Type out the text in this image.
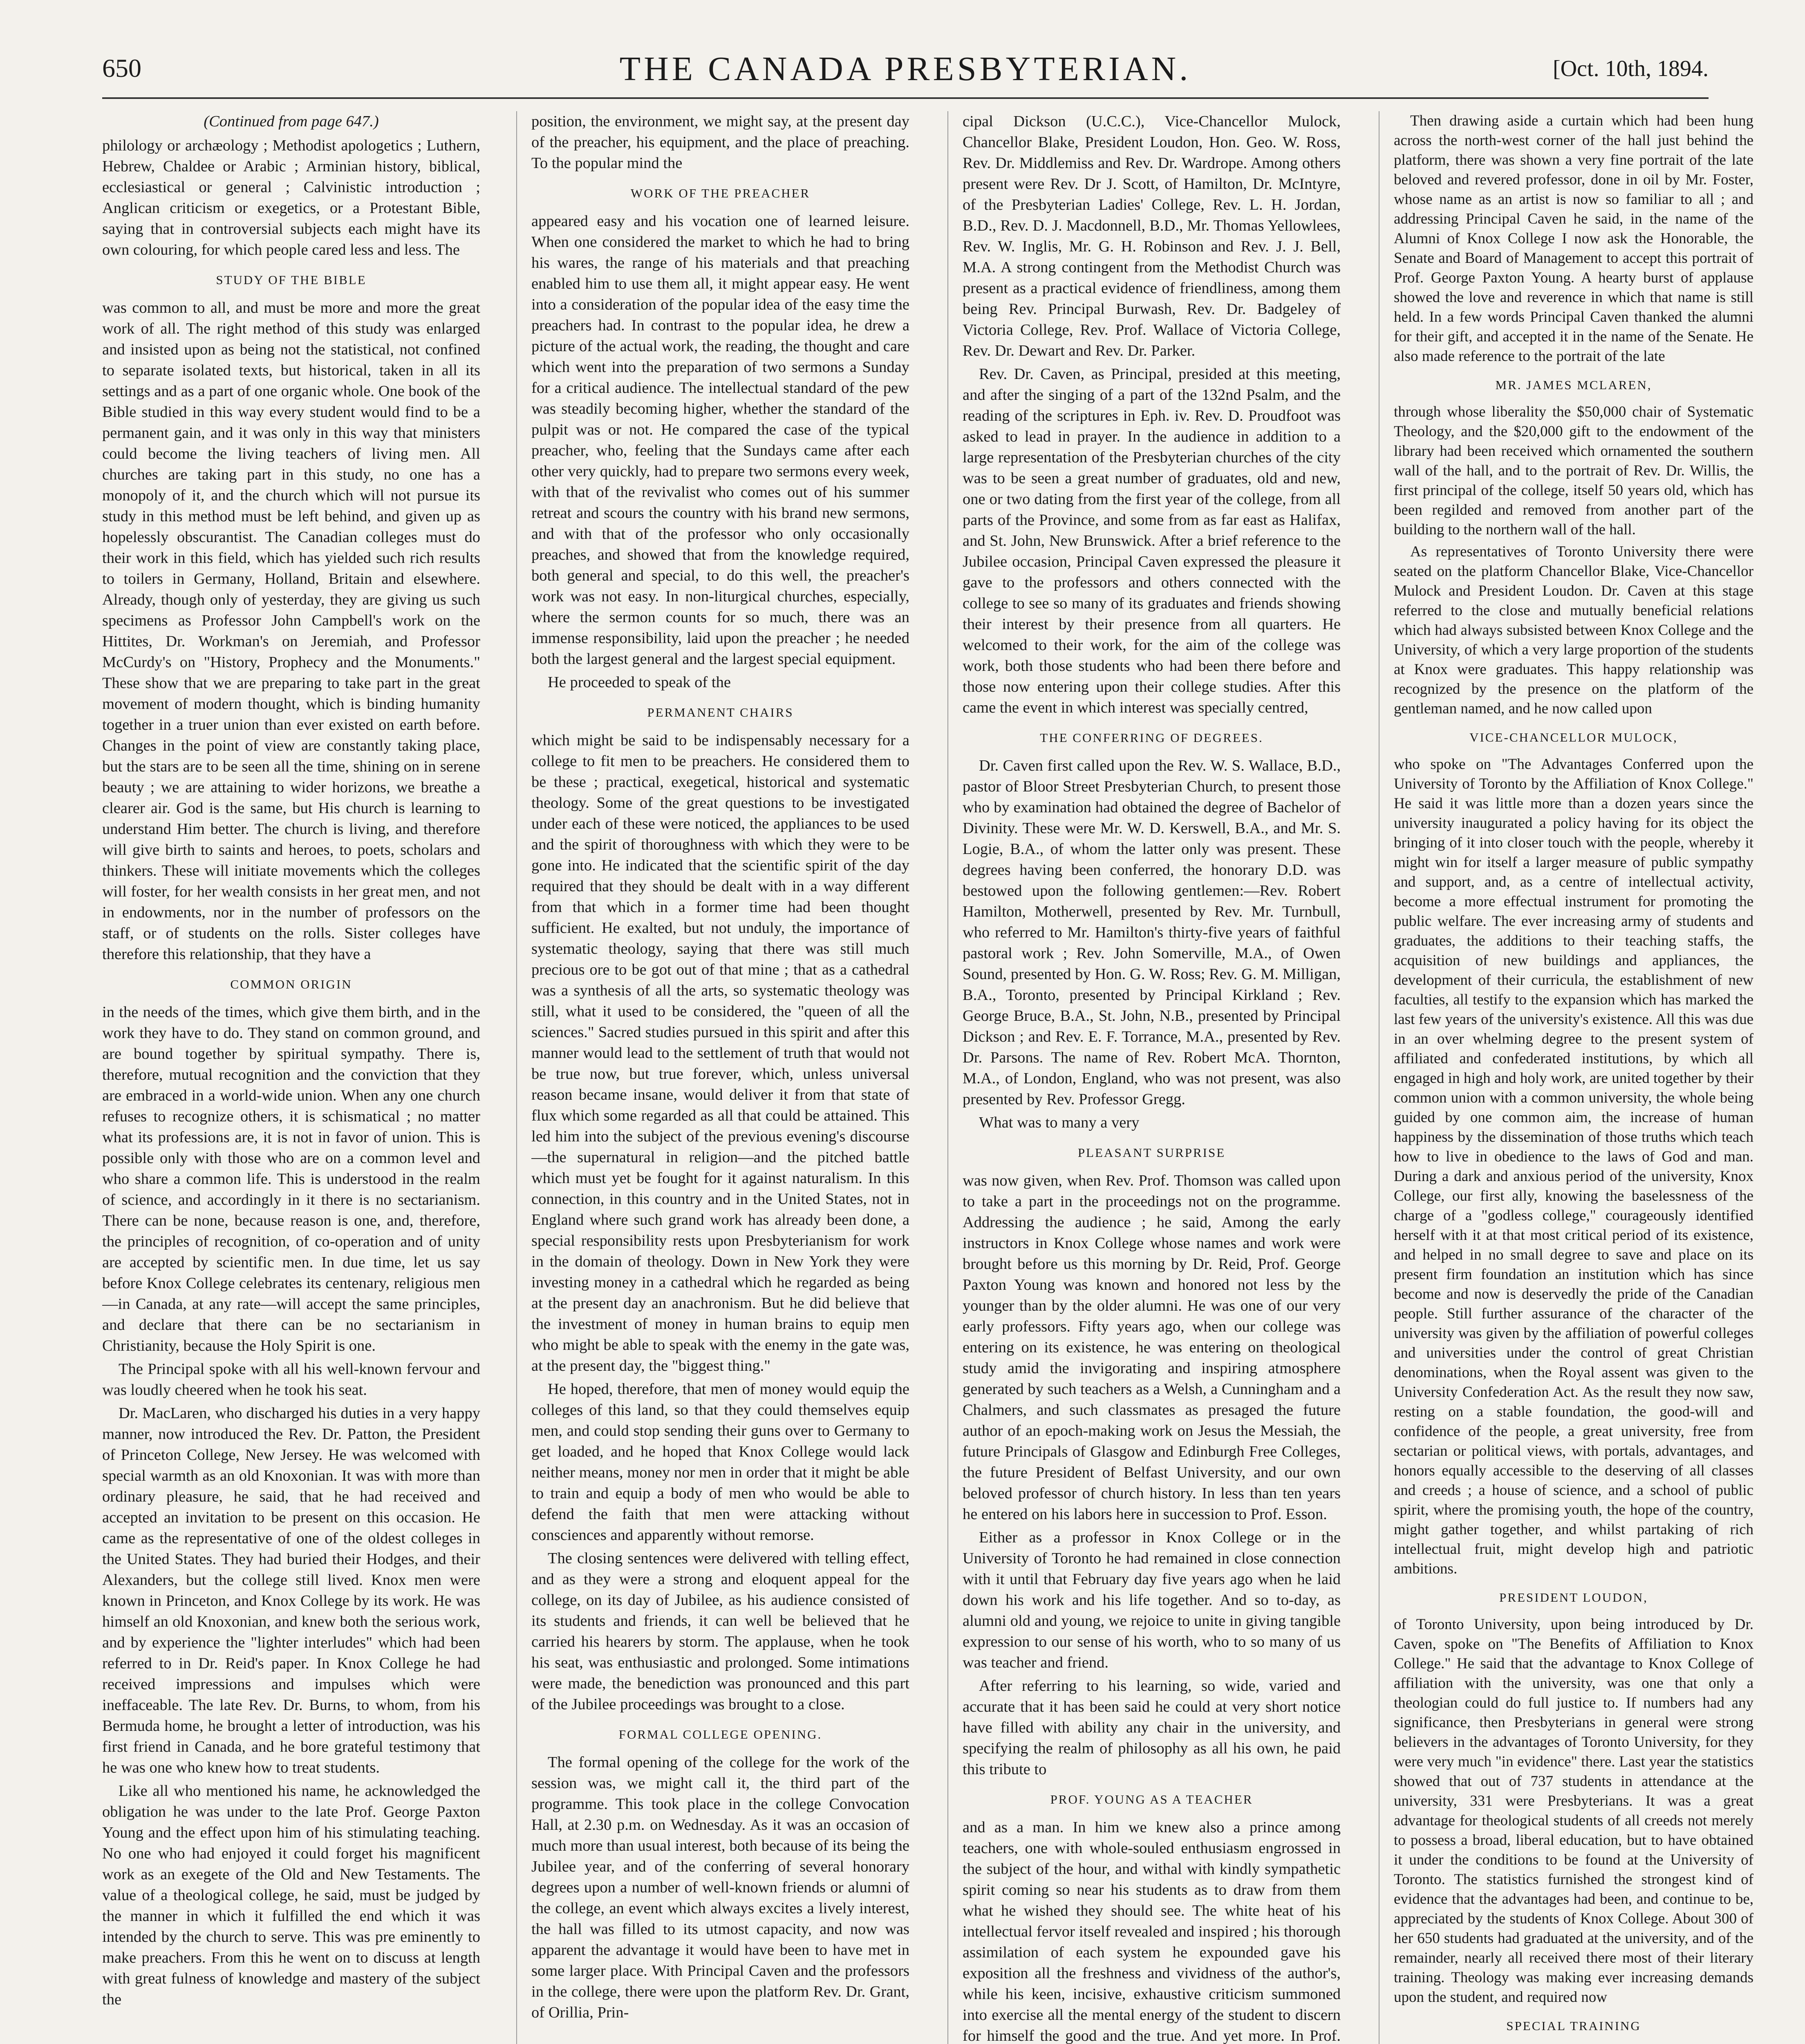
650	THE CANADA PRESBYTERIAN.	[Oct. 10th, 1894.
(Continued from page 647.)

philology or archæology ; Methodist apologetics ; Luthern, Hebrew, Chaldee or Arabic ; Arminian history, biblical, ecclesiastical or general ; Calvinistic introduction ; Anglican criticism or exegetics, or a Protestant Bible, saying that in controversial subjects each might have its own colouring, for which people cared less and less. The

STUDY OF THE BIBLE

was common to all, and must be more and more the great work of all. The right method of this study was enlarged and insisted upon as being not the statistical, not confined to separate isolated texts, but historical, taken in all its settings and as a part of one organic whole. One book of the Bible studied in this way every student would find to be a permanent gain, and it was only in this way that ministers could become the living teachers of living men. All churches are taking part in this study, no one has a monopoly of it, and the church which will not pursue its study in this method must be left behind, and given up as hopelessly obscurantist. The Canadian colleges must do their work in this field, which has yielded such rich results to toilers in Germany, Holland, Britain and elsewhere. Already, though only of yesterday, they are giving us such specimens as Professor John Campbell's work on the Hittites, Dr. Workman's on Jeremiah, and Professor McCurdy's on "History, Prophecy and the Monuments." These show that we are preparing to take part in the great movement of modern thought, which is binding humanity together in a truer union than ever existed on earth before. Changes in the point of view are constantly taking place, but the stars are to be seen all the time, shining on in serene beauty ; we are attaining to wider horizons, we breathe a clearer air. God is the same, but His church is learning to understand Him better. The church is living, and therefore will give birth to saints and heroes, to poets, scholars and thinkers. These will initiate movements which the colleges will foster, for her wealth consists in her great men, and not in endowments, nor in the number of professors on the staff, or of students on the rolls. Sister colleges have therefore this relationship, that they have a

COMMON ORIGIN

in the needs of the times, which give them birth, and in the work they have to do. They stand on common ground, and are bound together by spiritual sympathy. There is, therefore, mutual recognition and the conviction that they are embraced in a world-wide union. When any one church refuses to recognize others, it is schismatical ; no matter what its professions are, it is not in favor of union. This is possible only with those who are on a common level and who share a common life. This is understood in the realm of science, and accordingly in it there is no sectarianism. There can be none, because reason is one, and, therefore, the principles of recognition, of co-operation and of unity are accepted by scientific men. In due time, let us say before Knox College celebrates its centenary, religious men—in Canada, at any rate—will accept the same principles, and declare that there can be no sectarianism in Christianity, because the Holy Spirit is one.

The Principal spoke with all his well-known fervour and was loudly cheered when he took his seat.

Dr. MacLaren, who discharged his duties in a very happy manner, now introduced the Rev. Dr. Patton, the President of Princeton College, New Jersey. He was welcomed with special warmth as an old Knoxonian. It was with more than ordinary pleasure, he said, that he had received and accepted an invitation to be present on this occasion. He came as the representative of one of the oldest colleges in the United States. They had buried their Hodges, and their Alexanders, but the college still lived. Knox men were known in Princeton, and Knox College by its work. He was himself an old Knoxonian, and knew both the serious work, and by experience the "lighter interludes" which had been referred to in Dr. Reid's paper. In Knox College he had received impressions and impulses which were ineffaceable. The late Rev. Dr. Burns, to whom, from his Bermuda home, he brought a letter of introduction, was his first friend in Canada, and he bore grateful testimony that he was one who knew how to treat students.

Like all who mentioned his name, he acknowledged the obligation he was under to the late Prof. George Paxton Young and the effect upon him of his stimulating teaching. No one who had enjoyed it could forget his magnificent work as an exegete of the Old and New Testaments. The value of a theological college, he said, must be judged by the manner in which it fulfilled the end which it was intended by the church to serve. This was pre eminently to make preachers. From this he went on to discuss at length with great fulness of knowledge and mastery of the subject the

position, the environment, we might say, at the present day of the preacher, his equipment, and the place of preaching. To the popular mind the

WORK OF THE PREACHER

appeared easy and his vocation one of learned leisure. When one considered the market to which he had to bring his wares, the range of his materials and that preaching enabled him to use them all, it might appear easy. He went into a consideration of the popular idea of the easy time the preachers had. In contrast to the popular idea, he drew a picture of the actual work, the reading, the thought and care which went into the preparation of two sermons a Sunday for a critical audience. The intellectual standard of the pew was steadily becoming higher, whether the standard of the pulpit was or not. He compared the case of the typical preacher, who, feeling that the Sundays came after each other very quickly, had to prepare two sermons every week, with that of the revivalist who comes out of his summer retreat and scours the country with his brand new sermons, and with that of the professor who only occasionally preaches, and showed that from the knowledge required, both general and special, to do this well, the preacher's work was not easy. In non-liturgical churches, especially, where the sermon counts for so much, there was an immense responsibility, laid upon the preacher ; he needed both the largest general and the largest special equipment.

He proceeded to speak of the

PERMANENT CHAIRS

which might be said to be indispensably necessary for a college to fit men to be preachers. He considered them to be these ; practical, exegetical, historical and systematic theology. Some of the great questions to be investigated under each of these were noticed, the appliances to be used and the spirit of thoroughness with which they were to be gone into. He indicated that the scientific spirit of the day required that they should be dealt with in a way different from that which in a former time had been thought sufficient. He exalted, but not unduly, the importance of systematic theology, saying that there was still much precious ore to be got out of that mine ; that as a cathedral was a synthesis of all the arts, so systematic theology was still, what it used to be considered, the "queen of all the sciences." Sacred studies pursued in this spirit and after this manner would lead to the settlement of truth that would not be true now, but true forever, which, unless universal reason became insane, would deliver it from that state of flux which some regarded as all that could be attained. This led him into the subject of the previous evening's discourse—the supernatural in religion—and the pitched battle which must yet be fought for it against naturalism. In this connection, in this country and in the United States, not in England where such grand work has already been done, a special responsibility rests upon Presbyterianism for work in the domain of theology. Down in New York they were investing money in a cathedral which he regarded as being at the present day an anachronism. But he did believe that the investment of money in human brains to equip men who might be able to speak with the enemy in the gate was, at the present day, the "biggest thing."

He hoped, therefore, that men of money would equip the colleges of this land, so that they could themselves equip men, and could stop sending their guns over to Germany to get loaded, and he hoped that Knox College would lack neither means, money nor men in order that it might be able to train and equip a body of men who would be able to defend the faith that men were attacking without consciences and apparently without remorse.

The closing sentences were delivered with telling effect, and as they were a strong and eloquent appeal for the college, on its day of Jubilee, as his audience consisted of its students and friends, it can well be believed that he carried his hearers by storm. The applause, when he took his seat, was enthusiastic and prolonged. Some intimations were made, the benediction was pronounced and this part of the Jubilee proceedings was brought to a close.

FORMAL COLLEGE OPENING.

The formal opening of the college for the work of the session was, we might call it, the third part of the programme. This took place in the college Convocation Hall, at 2.30 p.m. on Wednesday. As it was an occasion of much more than usual interest, both because of its being the Jubilee year, and of the conferring of several honorary degrees upon a number of well-known friends or alumni of the college, an event which always excites a lively interest, the hall was filled to its utmost capacity, and now was apparent the advantage it would have been to have met in some larger place. With Principal Caven and the professors in the college, there were upon the platform Rev. Dr. Grant, of Orillia, Prin-

cipal Dickson (U.C.C.), Vice-Chancellor Mulock, Chancellor Blake, President Loudon, Hon. Geo. W. Ross, Rev. Dr. Middlemiss and Rev. Dr. Wardrope. Among others present were Rev. Dr J. Scott, of Hamilton, Dr. McIntyre, of the Presbyterian Ladies' College, Rev. L. H. Jordan, B.D., Rev. D. J. Macdonnell, B.D., Mr. Thomas Yellowlees, Rev. W. Inglis, Mr. G. H. Robinson and Rev. J. J. Bell, M.A. A strong contingent from the Methodist Church was present as a practical evidence of friendliness, among them being Rev. Principal Burwash, Rev. Dr. Badgeley of Victoria College, Rev. Prof. Wallace of Victoria College, Rev. Dr. Dewart and Rev. Dr. Parker.

Rev. Dr. Caven, as Principal, presided at this meeting, and after the singing of a part of the 132nd Psalm, and the reading of the scriptures in Eph. iv. Rev. D. Proudfoot was asked to lead in prayer. In the audience in addition to a large representation of the Presbyterian churches of the city was to be seen a great number of graduates, old and new, one or two dating from the first year of the college, from all parts of the Province, and some from as far east as Halifax, and St. John, New Brunswick. After a brief reference to the Jubilee occasion, Principal Caven expressed the pleasure it gave to the professors and others connected with the college to see so many of its graduates and friends showing their interest by their presence from all quarters. He welcomed to their work, for the aim of the college was work, both those students who had been there before and those now entering upon their college studies. After this came the event in which interest was specially centred,

THE CONFERRING OF DEGREES.

Dr. Caven first called upon the Rev. W. S. Wallace, B.D., pastor of Bloor Street Presbyterian Church, to present those who by examination had obtained the degree of Bachelor of Divinity. These were Mr. W. D. Kerswell, B.A., and Mr. S. Logie, B.A., of whom the latter only was present. These degrees having been conferred, the honorary D.D. was bestowed upon the following gentlemen:—Rev. Robert Hamilton, Motherwell, presented by Rev. Mr. Turnbull, who referred to Mr. Hamilton's thirty-five years of faithful pastoral work ; Rev. John Somerville, M.A., of Owen Sound, presented by Hon. G. W. Ross; Rev. G. M. Milligan, B.A., Toronto, presented by Principal Kirkland ; Rev. George Bruce, B.A., St. John, N.B., presented by Principal Dickson ; and Rev. E. F. Torrance, M.A., presented by Rev. Dr. Parsons. The name of Rev. Robert McA. Thornton, M.A., of London, England, who was not present, was also presented by Rev. Professor Gregg.

What was to many a very

PLEASANT SURPRISE

was now given, when Rev. Prof. Thomson was called upon to take a part in the proceedings not on the programme. Addressing the audience ; he said, Among the early instructors in Knox College whose names and work were brought before us this morning by Dr. Reid, Prof. George Paxton Young was known and honored not less by the younger than by the older alumni. He was one of our very early professors. Fifty years ago, when our college was entering on its existence, he was entering on theological study amid the invigorating and inspiring atmosphere generated by such teachers as a Welsh, a Cunningham and a Chalmers, and such classmates as presaged the future author of an epoch-making work on Jesus the Messiah, the future Principals of Glasgow and Edinburgh Free Colleges, the future President of Belfast University, and our own beloved professor of church history. In less than ten years he entered on his labors here in succession to Prof. Esson.

Either as a professor in Knox College or in the University of Toronto he had remained in close connection with it until that February day five years ago when he laid down his work and his life together. And so to-day, as alumni old and young, we rejoice to unite in giving tangible expression to our sense of his worth, who to so many of us was teacher and friend.

After referring to his learning, so wide, varied and accurate that it has been said he could at very short notice have filled with ability any chair in the university, and specifying the realm of philosophy as all his own, he paid this tribute to

PROF. YOUNG AS A TEACHER

and as a man. In him we knew also a prince among teachers, one with whole-souled enthusiasm engrossed in the subject of the hour, and withal with kindly sympathetic spirit coming so near his students as to draw from them what he wished they should see. The white heat of his intellectual fervor itself revealed and inspired ; his thorough assimilation of each system he expounded gave his exposition all the freshness and vividness of the author's, while his keen, incisive, exhaustive criticism summoned into exercise all the mental energy of the student to discern for himself the good and the true. And yet more. In Prof.

Then drawing aside a curtain which had been hung across the north-west corner of the hall just behind the platform, there was shown a very fine portrait of the late beloved and revered professor, done in oil by Mr. Foster, whose name as an artist is now so familiar to all ; and addressing Principal Caven he said, in the name of the Alumni of Knox College I now ask the Honorable, the Senate and Board of Management to accept this portrait of Prof. George Paxton Young. A hearty burst of applause showed the love and reverence in which that name is still held. In a few words Principal Caven thanked the alumni for their gift, and accepted it in the name of the Senate. He also made reference to the portrait of the late

MR. JAMES MCLAREN,

through whose liberality the $50,000 chair of Systematic Theology, and the $20,000 gift to the endowment of the library had been received which ornamented the southern wall of the hall, and to the portrait of Rev. Dr. Willis, the first principal of the college, itself 50 years old, which has been regilded and removed from another part of the building to the northern wall of the hall.

As representatives of Toronto University there were seated on the platform Chancellor Blake, Vice-Chancellor Mulock and President Loudon. Dr. Caven at this stage referred to the close and mutually beneficial relations which had always subsisted between Knox College and the University, of which a very large proportion of the students at Knox were graduates. This happy relationship was recognized by the presence on the platform of the gentleman named, and he now called upon

VICE-CHANCELLOR MULOCK,

who spoke on "The Advantages Conferred upon the University of Toronto by the Affiliation of Knox College." He said it was little more than a dozen years since the university inaugurated a policy having for its object the bringing of it into closer touch with the people, whereby it might win for itself a larger measure of public sympathy and support, and, as a centre of intellectual activity, become a more effectual instrument for promoting the public welfare. The ever increasing army of students and graduates, the additions to their teaching staffs, the acquisition of new buildings and appliances, the development of their curricula, the establishment of new faculties, all testify to the expansion which has marked the last few years of the university's existence. All this was due in an over whelming degree to the present system of affiliated and confederated institutions, by which all engaged in high and holy work, are united together by their common union with a common university, the whole being guided by one common aim, the increase of human happiness by the dissemination of those truths which teach how to live in obedience to the laws of God and man. During a dark and anxious period of the university, Knox College, our first ally, knowing the baselessness of the charge of a "godless college," courageously identified herself with it at that most critical period of its existence, and helped in no small degree to save and place on its present firm foundation an institution which has since become and now is deservedly the pride of the Canadian people. Still further assurance of the character of the university was given by the affiliation of powerful colleges and universities under the control of great Christian denominations, when the Royal assent was given to the University Confederation Act. As the result they now saw, resting on a stable foundation, the good-will and confidence of the people, a great university, free from sectarian or political views, with portals, advantages, and honors equally accessible to the deserving of all classes and creeds ; a house of science, and a school of public spirit, where the promising youth, the hope of the country, might gather together, and whilst partaking of rich intellectual fruit, might develop high and patriotic ambitions.

PRESIDENT LOUDON,

of Toronto University, upon being introduced by Dr. Caven, spoke on "The Benefits of Affiliation to Knox College." He said that the advantage to Knox College of affiliation with the university, was one that only a theologian could do full justice to. If numbers had any significance, then Presbyterians in general were strong believers in the advantages of Toronto University, for they were very much "in evidence" there. Last year the statistics showed that out of 737 students in attendance at the university, 331 were Presbyterians. It was a great advantage for theological students of all creeds not merely to possess a broad, liberal education, but to have obtained it under the conditions to be found at the University of Toronto. The statistics furnished the strongest kind of evidence that the advantages had been, and continue to be, appreciated by the students of Knox College. About 300 of her 650 students had graduated at the university, and of the remainder, nearly all received there most of their literary training. Theology was making ever increasing demands upon the student, and required now

SPECIAL TRAINING
